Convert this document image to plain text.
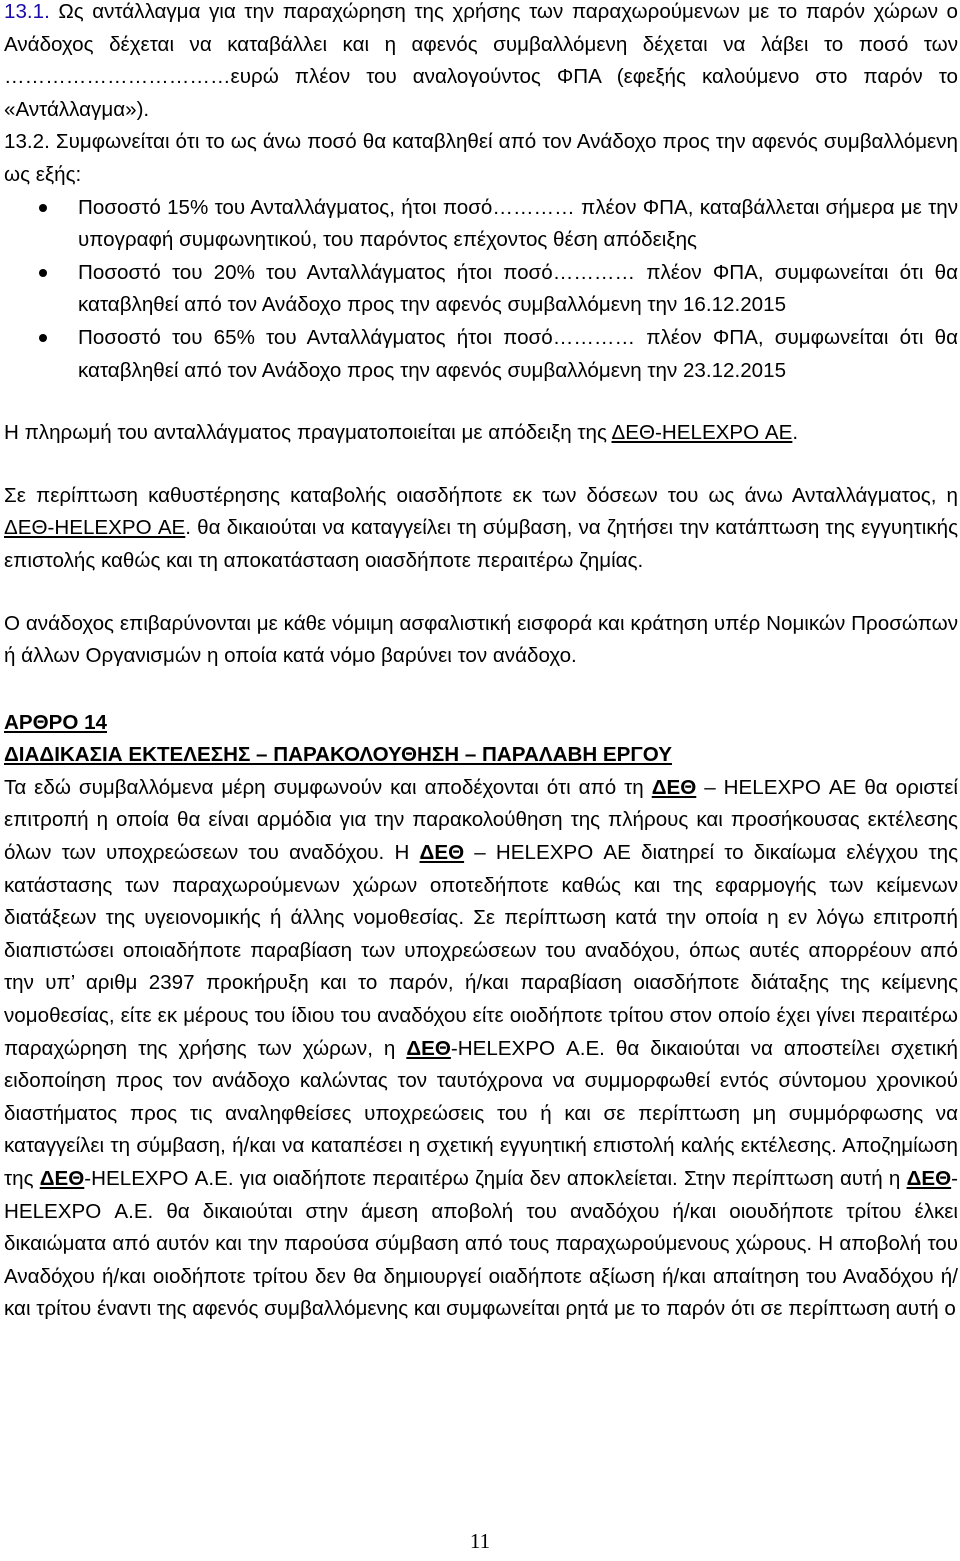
13.1. Ως αντάλλαγμα για την παραχώρηση της χρήσης των παραχωρούμενων με το παρόν χώρων ο Ανάδοχος δέχεται να καταβάλλει και η αφενός συμβαλλόμενη δέχεται να λάβει το ποσό των ……………………………ευρώ πλέον του αναλογούντος ΦΠΑ (εφεξής καλούμενο στο παρόν το «Αντάλλαγμα»).

13.2. Συμφωνείται ότι το ως άνω ποσό θα καταβληθεί από τον Ανάδοχο προς την αφενός συμβαλλόμενη ως εξής:

Ποσοστό 15% του Ανταλλάγματος, ήτοι ποσό………… πλέον ΦΠΑ, καταβάλλεται σήμερα με την υπογραφή συμφωνητικού, του παρόντος επέχοντος θέση απόδειξης
Ποσοστό του 20% του Ανταλλάγματος ήτοι ποσό………… πλέον ΦΠΑ, συμφωνείται ότι θα καταβληθεί από τον Ανάδοχο προς την αφενός συμβαλλόμενη την 16.12.2015
Ποσοστό του 65% του Ανταλλάγματος ήτοι ποσό………… πλέον ΦΠΑ, συμφωνείται ότι θα καταβληθεί από τον Ανάδοχο προς την αφενός συμβαλλόμενη την 23.12.2015

Η πληρωμή του ανταλλάγματος πραγματοποιείται με απόδειξη της ΔΕΘ-HELEXPO ΑΕ.

Σε περίπτωση καθυστέρησης καταβολής οιασδήποτε εκ των δόσεων του ως άνω Ανταλλάγματος, η ΔΕΘ-HELEXPO ΑΕ. θα δικαιούται να καταγγείλει τη σύμβαση, να ζητήσει την κατάπτωση της εγγυητικής επιστολής καθώς και τη αποκατάσταση οιασδήποτε περαιτέρω ζημίας.

Ο ανάδοχος επιβαρύνονται με κάθε νόμιμη ασφαλιστική εισφορά και κράτηση υπέρ Νομικών Προσώπων ή άλλων Οργανισμών η οποία κατά νόμο βαρύνει τον ανάδοχο.

ΑΡΘΡΟ 14

ΔΙΑΔΙΚΑΣΙΑ ΕΚΤΕΛΕΣΗΣ – ΠΑΡΑΚΟΛΟΥΘΗΣΗ – ΠΑΡΑΛΑΒΗ ΕΡΓΟΥ

Τα εδώ συμβαλλόμενα μέρη συμφωνούν και αποδέχονται ότι από τη ΔΕΘ – HELEXPO ΑΕ θα οριστεί επιτροπή η οποία θα είναι αρμόδια για την παρακολούθηση της πλήρους και προσήκουσας εκτέλεσης όλων των υποχρεώσεων του αναδόχου. Η ΔΕΘ – HELEXPO ΑΕ διατηρεί το δικαίωμα ελέγχου της κατάστασης των παραχωρούμενων χώρων οποτεδήποτε καθώς και της εφαρμογής των κείμενων διατάξεων της υγειονομικής ή άλλης νομοθεσίας. Σε περίπτωση κατά την οποία η εν λόγω επιτροπή διαπιστώσει οποιαδήποτε παραβίαση των υποχρεώσεων του αναδόχου, όπως αυτές απορρέουν από την υπ’ αριθμ 2397 προκήρυξη και το παρόν, ή/και παραβίαση οιασδήποτε διάταξης της κείμενης νομοθεσίας, είτε εκ μέρους του ίδιου του αναδόχου είτε οιοδήποτε τρίτου στον οποίο έχει γίνει περαιτέρω παραχώρηση της χρήσης των χώρων, η ΔΕΘ-HELEXPO Α.Ε. θα δικαιούται να αποστείλει σχετική ειδοποίηση προς τον ανάδοχο καλώντας τον ταυτόχρονα να συμμορφωθεί εντός σύντομου χρονικού διαστήματος προς τις αναληφθείσες υποχρεώσεις του ή και σε περίπτωση μη συμμόρφωσης να καταγγείλει τη σύμβαση, ή/και να καταπέσει η σχετική εγγυητική επιστολή καλής εκτέλεσης. Αποζημίωση της ΔΕΘ-HELEXPO Α.Ε. για οιαδήποτε περαιτέρω ζημία δεν αποκλείεται. Στην περίπτωση αυτή η ΔΕΘ-HELEXPO Α.Ε. θα δικαιούται στην άμεση αποβολή του αναδόχου ή/και οιουδήποτε τρίτου έλκει δικαιώματα από αυτόν και την παρούσα σύμβαση από τους παραχωρούμενους χώρους. Η αποβολή του Αναδόχου ή/και οιοδήποτε τρίτου δεν θα δημιουργεί οιαδήποτε αξίωση ή/και απαίτηση του Αναδόχου ή/και τρίτου έναντι της αφενός συμβαλλόμενης και συμφωνείται ρητά με το παρόν ότι σε περίπτωση αυτή ο

11
